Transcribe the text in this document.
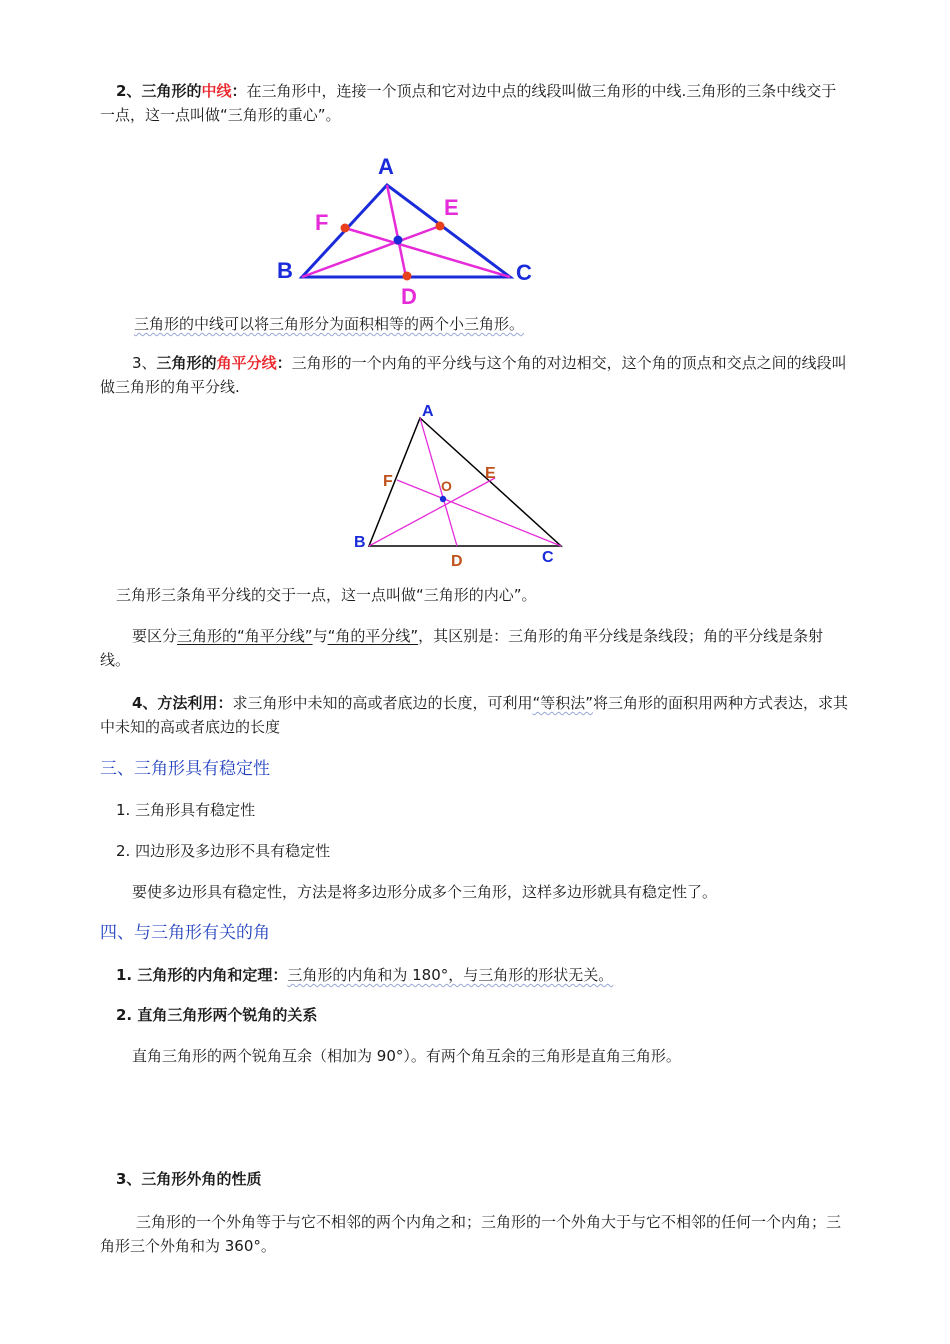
2、三角形的中线：在三角形中，连接一个顶点和它对边中点的线段叫做三角形的中线.三角形的三条中线交于一点，这一点叫做“三角形的重心”。

A
B	C
D
E
F

三角形的中线可以将三角形分为面积相等的两个小三角形。

3、三角形的角平分线：三角形的一个内角的平分线与这个角的对边相交，这个角的顶点和交点之间的线段叫做三角形的角平分线.

A
B
C
D
E
F	O

三角形三条角平分线的交于一点，这一点叫做“三角形的内心”。

要区分三角形的“角平分线”与“角的平分线”，其区别是：三角形的角平分线是条线段；角的平分线是条射线。

4、方法利用：求三角形中未知的高或者底边的长度，可利用“等积法”将三角形的面积用两种方式表达，求其中未知的高或者底边的长度

三、三角形具有稳定性

1. 三角形具有稳定性

2. 四边形及多边形不具有稳定性

要使多边形具有稳定性，方法是将多边形分成多个三角形，这样多边形就具有稳定性了。

四、与三角形有关的角

1. 三角形的内角和定理：三角形的内角和为 180°，与三角形的形状无关。

2. 直角三角形两个锐角的关系

直角三角形的两个锐角互余（相加为 90°）。有两个角互余的三角形是直角三角形。

3、三角形外角的性质

三角形的一个外角等于与它不相邻的两个内角之和；三角形的一个外角大于与它不相邻的任何一个内角；三角形三个外角和为 360°。
